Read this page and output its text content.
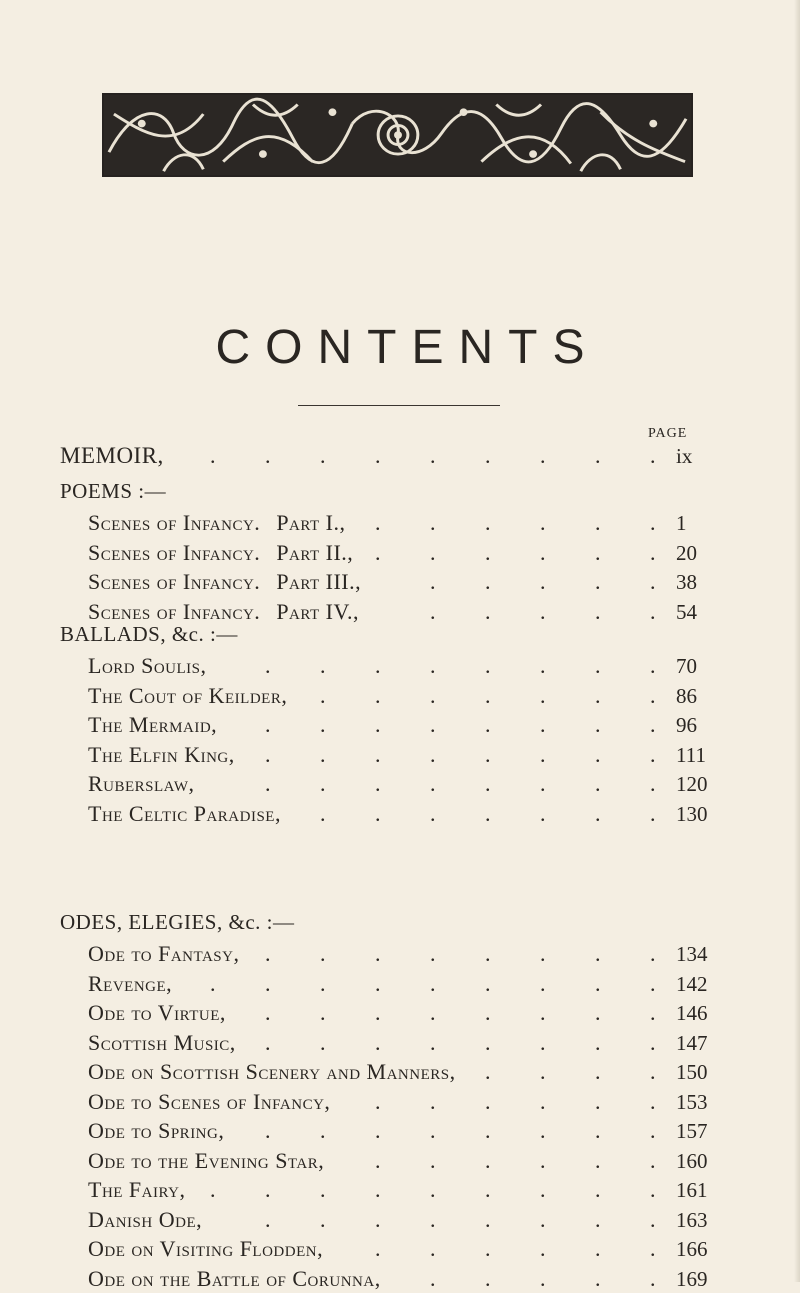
CONTENTS
PAGE
MEMOIR, . . . . . . . . . ix
POEMS :—
Scenes of Infancy. Part I., . . . . . . 1
Scenes of Infancy. Part II., . . . . . . 20
Scenes of Infancy. Part III.,	. . . . . 38
Scenes of Infancy. Part IV.,	. . . . . 54
BALLADS, &c. :—
Lord Soulis,	. . . . . . . . 70
The Cout of Keilder, . . . . . . . 86
The Mermaid, . . . . . . . . 96
The Elfin King, . . . . . . . . 111
Ruberslaw,	. . . . . . . . 120
The Celtic Paradise, . . . . . . . 130
ODES, ELEGIES, &c. :—
Ode to Fantasy, . . . . . . . . 134
Revenge, . . . . . . . . . 142
Ode to Virtue, . . . . . . . . 146
Scottish Music, . . . . . . . . 147
Ode on Scottish Scenery and Manners, . . . . 150
Ode to Scenes of Infancy, . . . . . . 153
Ode to Spring, . . . . . . . . 157
Ode to the Evening Star, . . . . . . 160
The Fairy, . . . . . . . . . 161
Danish Ode,	. . . . . . . . 163
Ode on Visiting Flodden, . . . . . . 166
Ode on the Battle of Corunna, . . . . . 169
